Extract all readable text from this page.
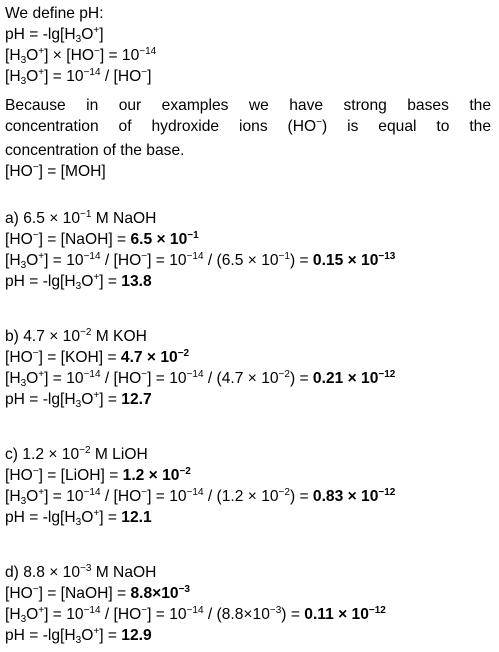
We define pH:
pH = $-\lg[H_3O^+]$
$[H_3O^+] \times [HO^-] = 10^{-14}$
$[H_3O^+] = 10^{-14} / [HO^-]$
Because in our examples we have strong bases the
concentration of hydroxide ions (HO−) is equal to the
concentration of the base.
[HO−] = [MOH]
a) $6.5 \times 10^{-1}$ M NaOH
[HO−] = [NaOH] = $6.5 \times 10^{-1}$
$[H_3O^+] = 10^{-14} / [HO^-] = 10^{-14} / (6.5 \times 10^{-1}) = 0.15 \times 10^{-13}$
pH = $-\lg[H_3O^+] = 13.8$
b) $4.7 \times 10^{-2}$ M KOH
$[HO^-] = [KOH] = 4.7 \times 10^{-2}$
$[H_3O^+] = 10^{-14} / [HO^-] = 10^{-14} / (4.7 \times 10^{-2}) = 0.21 \times 10^{-12}$
pH = $-\lg[H_3O^+] = 12.7$
c) $1.2 \times 10^{-2}$ M LiOH
[HO−] = [LiOH] = $1.2 \times 10^{-2}$
$[H_3O^+] = 10^{-14} / [HO^-] = 10^{-14} / (1.2 \times 10^{-2}) = 0.83 \times 10^{-12}$
pH = $-\lg[H_3O^+] = 12.1$
d) $8.8 \times 10^{-3}$ M NaOH
[HO−] = [NaOH] = $8.8\times 10^{-3}$
$[H_3O^+] = 10^{-14} / [HO^-] = 10^{-14} / (8.8\times 10^{-3}) = 0.11 \times 10^{-12}$
pH = $-\lg[H_3O^+] = 12.9$
